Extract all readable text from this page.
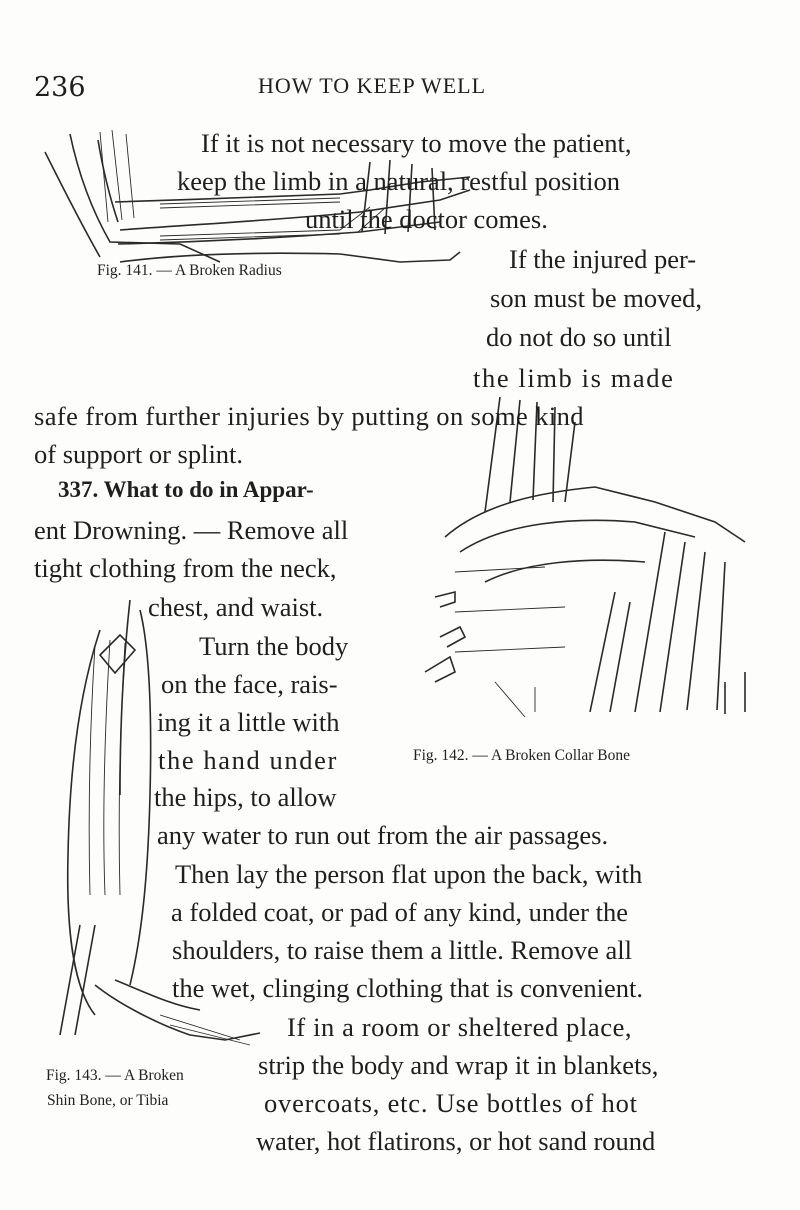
236	HOW TO KEEP WELL
Fig. 141. — A Broken Radius
Fig. 142. — A Broken Collar Bone
Fig. 143. — A Broken
Shin Bone, or Tibia
If it is not necessary to move the patient,
keep the limb in a natural, restful position
until the doctor comes.
If the injured per-
son must be moved,
do not do so until
the limb is made
safe from further injuries by putting on some kind
of support or splint.
337. What to do in Appar-
ent Drowning. — Remove all
tight clothing from the neck,
chest, and waist.
Turn the body
on the face, rais-
ing it a little with
the hand under
the hips, to allow
any water to run out from the air passages.
Then lay the person flat upon the back, with
a folded coat, or pad of any kind, under the
shoulders, to raise them a little. Remove all
the wet, clinging clothing that is convenient.
If in a room or sheltered place,
strip the body and wrap it in blankets,
overcoats, etc. Use bottles of hot
water, hot flatirons, or hot sand round
